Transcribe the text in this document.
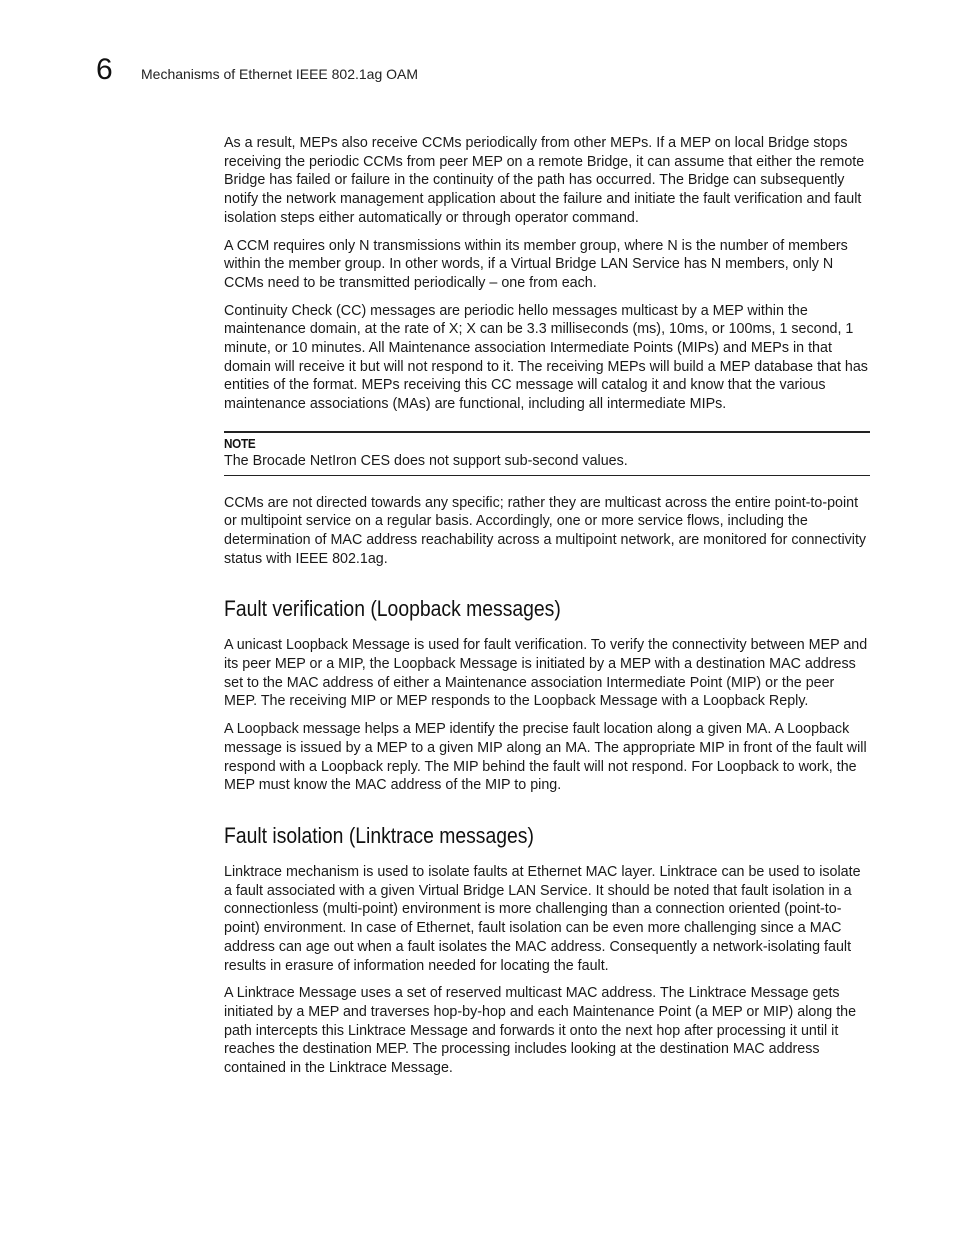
6 Mechanisms of Ethernet IEEE 802.1ag OAM

As a result, MEPs also receive CCMs periodically from other MEPs. If a MEP on local Bridge stops receiving the periodic CCMs from peer MEP on a remote Bridge, it can assume that either the remote Bridge has failed or failure in the continuity of the path has occurred. The Bridge can subsequently notify the network management application about the failure and initiate the fault verification and fault isolation steps either automatically or through operator command.

A CCM requires only N transmissions within its member group, where N is the number of members within the member group. In other words, if a Virtual Bridge LAN Service has N members, only N CCMs need to be transmitted periodically – one from each.

Continuity Check (CC) messages are periodic hello messages multicast by a MEP within the maintenance domain, at the rate of X; X can be 3.3 milliseconds (ms), 10ms, or 100ms, 1 second, 1 minute, or 10 minutes. All Maintenance association Intermediate Points (MIPs) and MEPs in that domain will receive it but will not respond to it. The receiving MEPs will build a MEP database that has entities of the format. MEPs receiving this CC message will catalog it and know that the various maintenance associations (MAs) are functional, including all intermediate MIPs.

NOTE
The Brocade NetIron CES does not support sub-second values.

CCMs are not directed towards any specific; rather they are multicast across the entire point-to-point or multipoint service on a regular basis. Accordingly, one or more service flows, including the determination of MAC address reachability across a multipoint network, are monitored for connectivity status with IEEE 802.1ag.

Fault verification (Loopback messages)

A unicast Loopback Message is used for fault verification. To verify the connectivity between MEP and its peer MEP or a MIP, the Loopback Message is initiated by a MEP with a destination MAC address set to the MAC address of either a Maintenance association Intermediate Point (MIP) or the peer MEP. The receiving MIP or MEP responds to the Loopback Message with a Loopback Reply.

A Loopback message helps a MEP identify the precise fault location along a given MA. A Loopback message is issued by a MEP to a given MIP along an MA. The appropriate MIP in front of the fault will respond with a Loopback reply. The MIP behind the fault will not respond. For Loopback to work, the MEP must know the MAC address of the MIP to ping.

Fault isolation (Linktrace messages)

Linktrace mechanism is used to isolate faults at Ethernet MAC layer. Linktrace can be used to isolate a fault associated with a given Virtual Bridge LAN Service. It should be noted that fault isolation in a connectionless (multi-point) environment is more challenging than a connection oriented (point-to-point) environment. In case of Ethernet, fault isolation can be even more challenging since a MAC address can age out when a fault isolates the MAC address. Consequently a network-isolating fault results in erasure of information needed for locating the fault.

A Linktrace Message uses a set of reserved multicast MAC address. The Linktrace Message gets initiated by a MEP and traverses hop-by-hop and each Maintenance Point (a MEP or MIP) along the path intercepts this Linktrace Message and forwards it onto the next hop after processing it until it reaches the destination MEP. The processing includes looking at the destination MAC address contained in the Linktrace Message.
